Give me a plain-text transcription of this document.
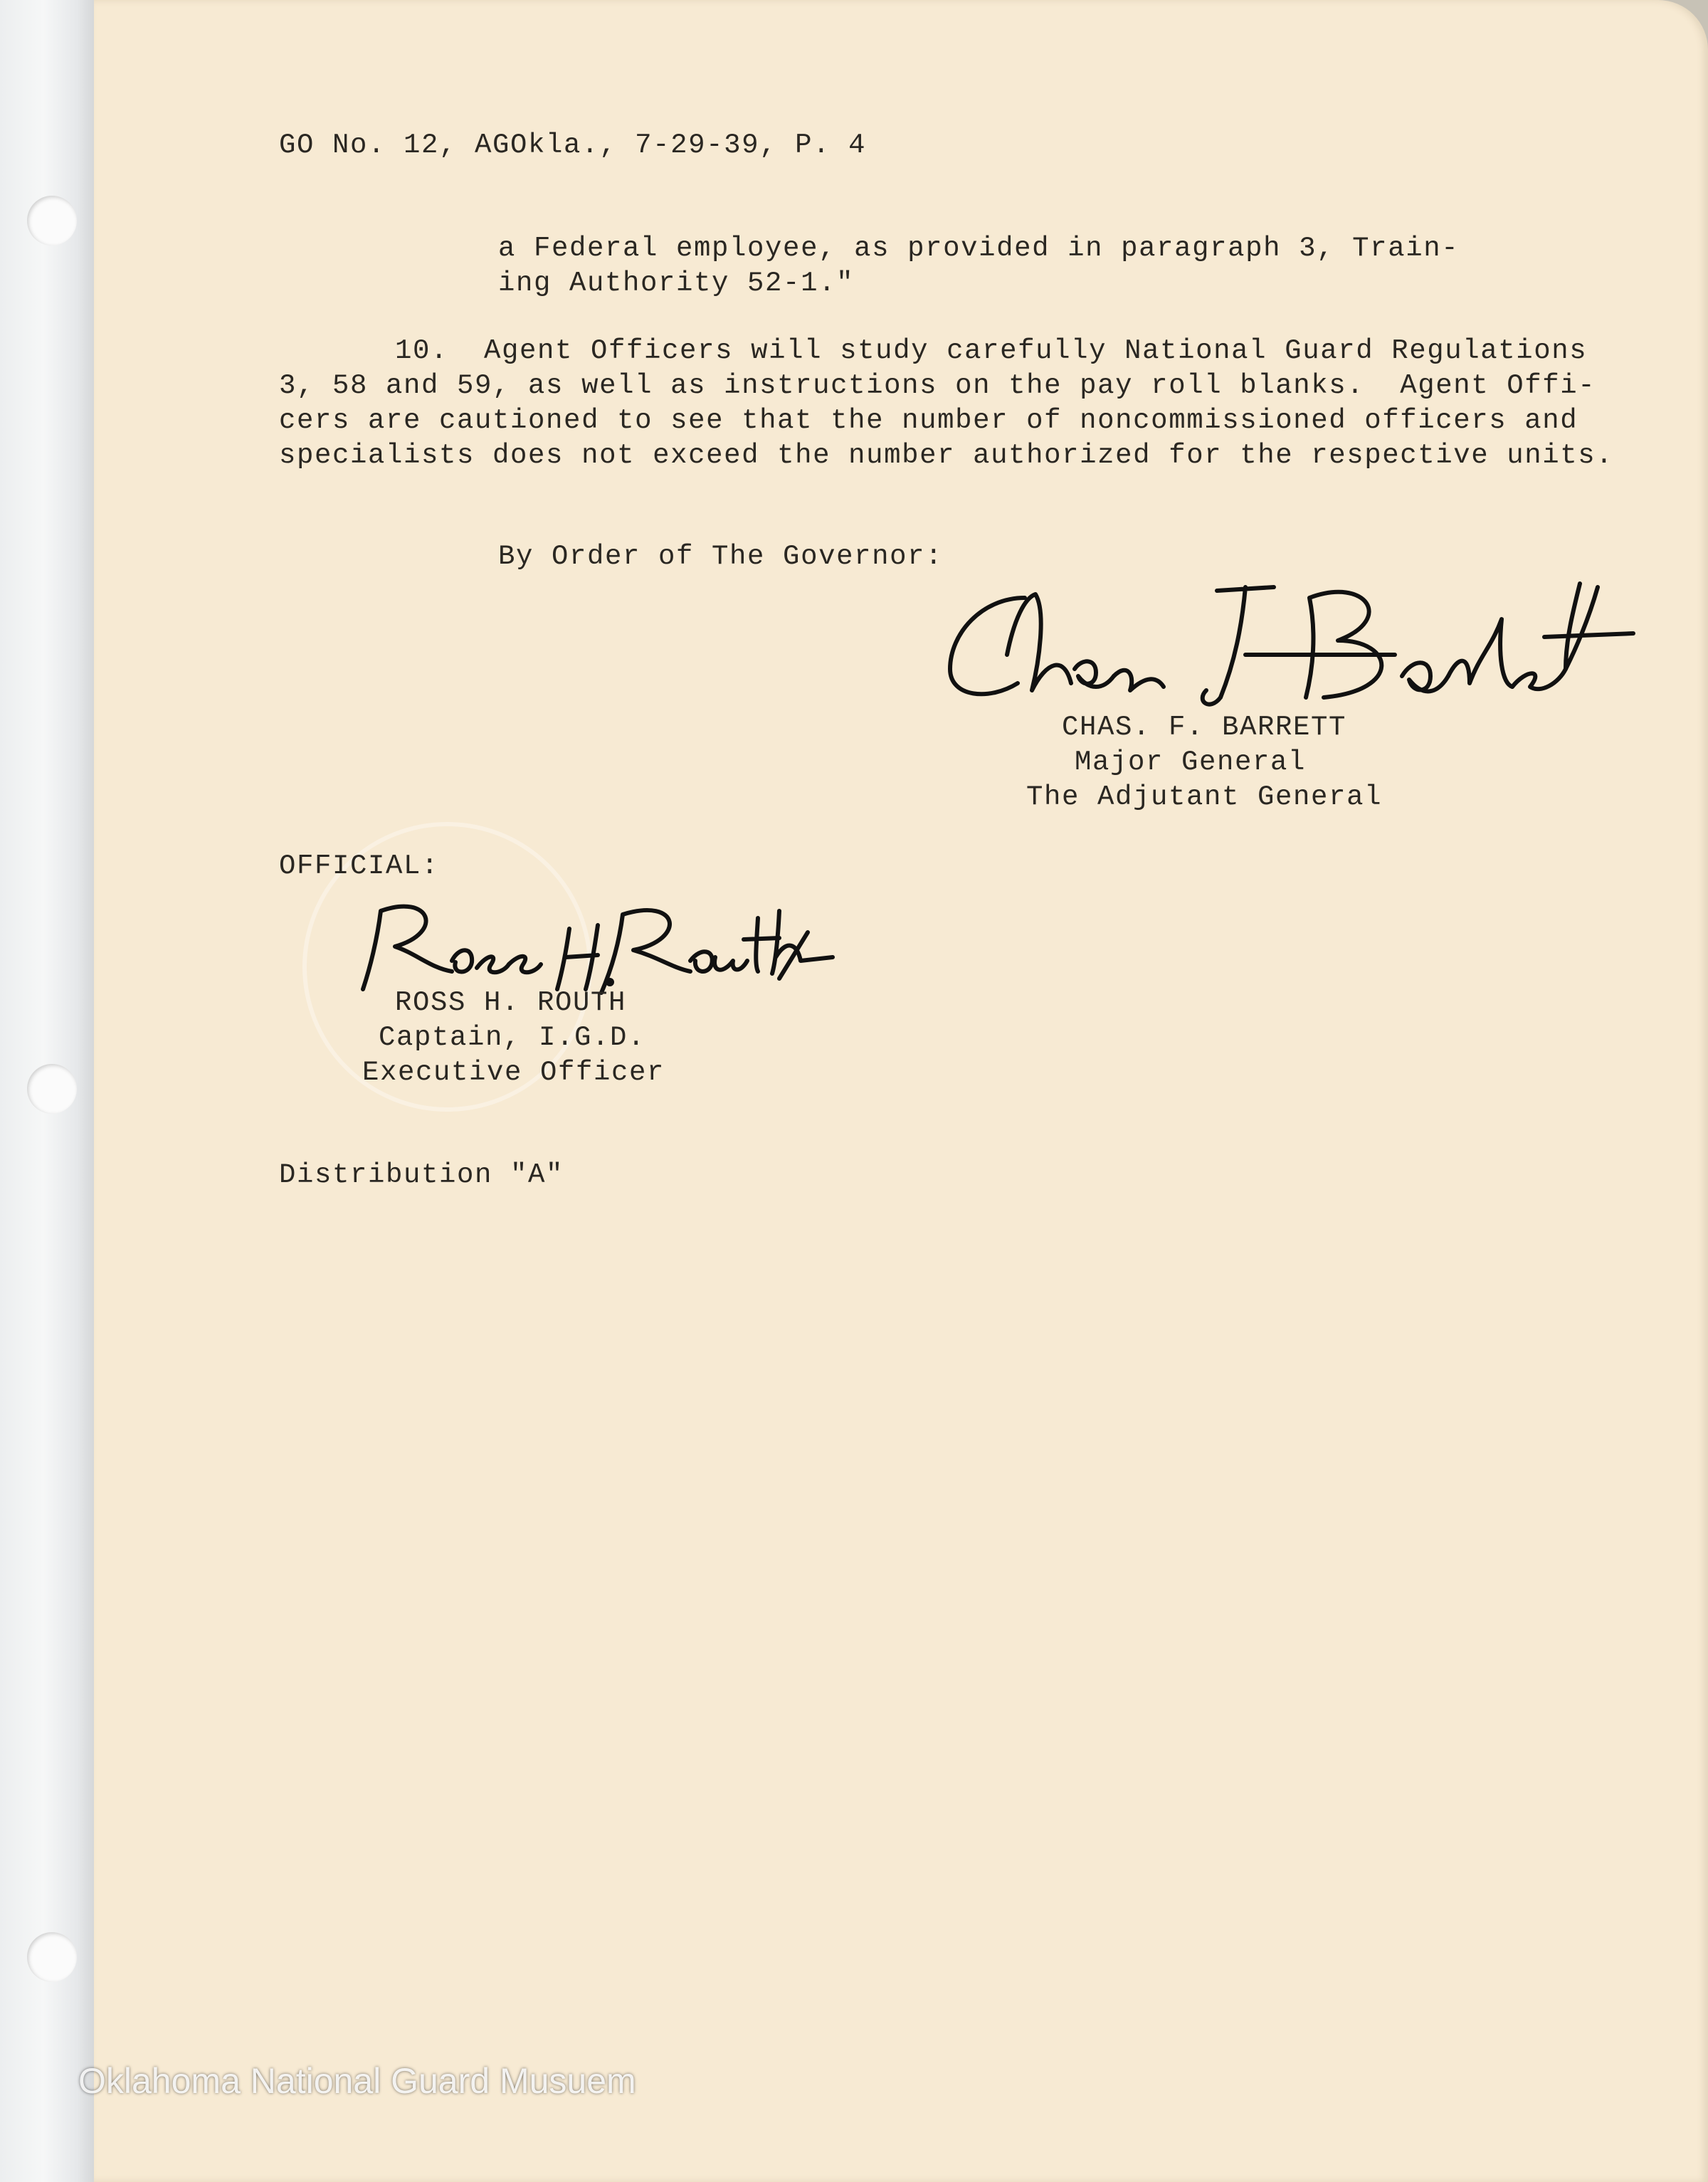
GO No. 12, AGOkla., 7-29-39, P. 4

a Federal employee, as provided in paragraph 3, Train-

ing Authority 52-1."

10.  Agent Officers will study carefully National Guard Regulations

3, 58 and 59, as well as instructions on the pay roll blanks.  Agent Offi-

cers are cautioned to see that the number of noncommissioned officers and

specialists does not exceed the number authorized for the respective units.

By Order of The Governor:

CHAS. F. BARRETT

Major General

The Adjutant General

OFFICIAL:

ROSS H. ROUTH

Captain, I.G.D.

Executive Officer

Distribution "A"

Oklahoma National Guard Musuem
